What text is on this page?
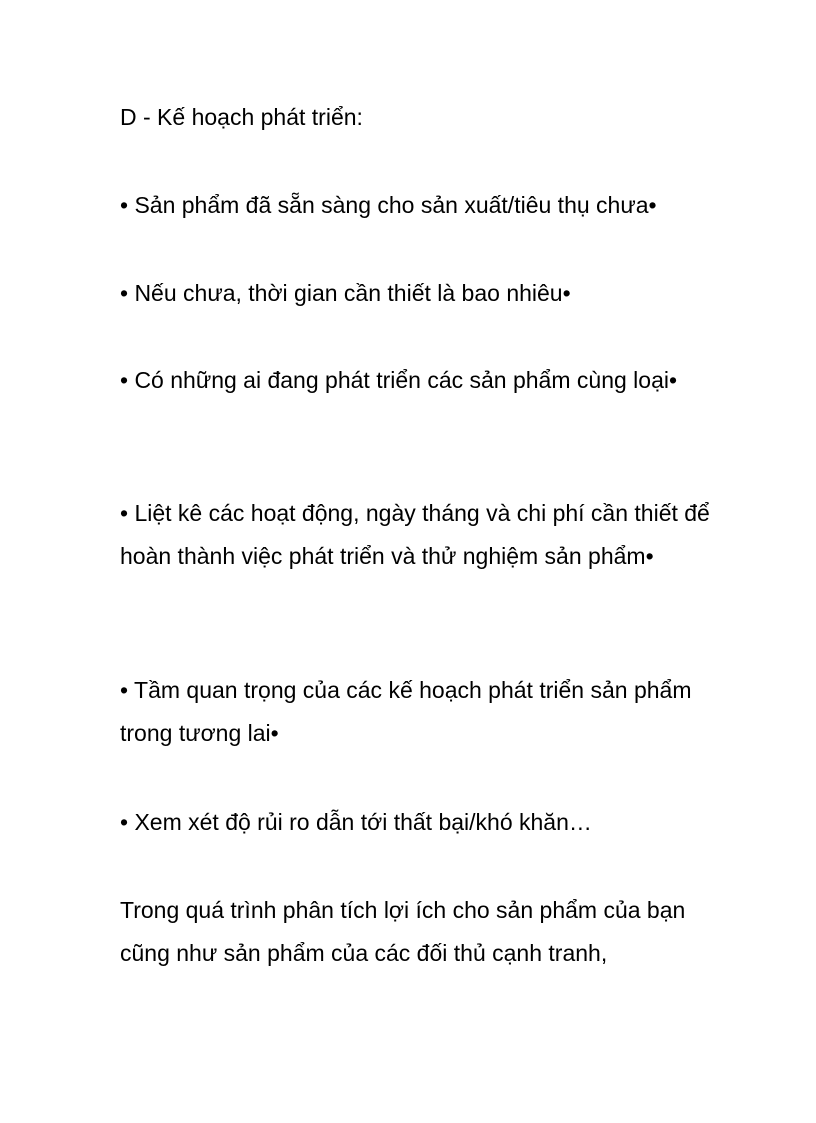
D - Kế hoạch phát triển:
• Sản phẩm đã sẵn sàng cho sản xuất/tiêu thụ chưa•
• Nếu chưa, thời gian cần thiết là bao nhiêu•
• Có những ai đang phát triển các sản phẩm cùng loại•
• Liệt kê các hoạt động, ngày tháng và chi phí cần thiết để hoàn thành việc phát triển và thử nghiệm sản phẩm•
• Tầm quan trọng của các kế hoạch phát triển sản phẩm trong tương lai•
• Xem xét độ rủi ro dẫn tới thất bại/khó khăn…
Trong quá trình phân tích lợi ích cho sản phẩm của bạn cũng như sản phẩm của các đối thủ cạnh tranh,
